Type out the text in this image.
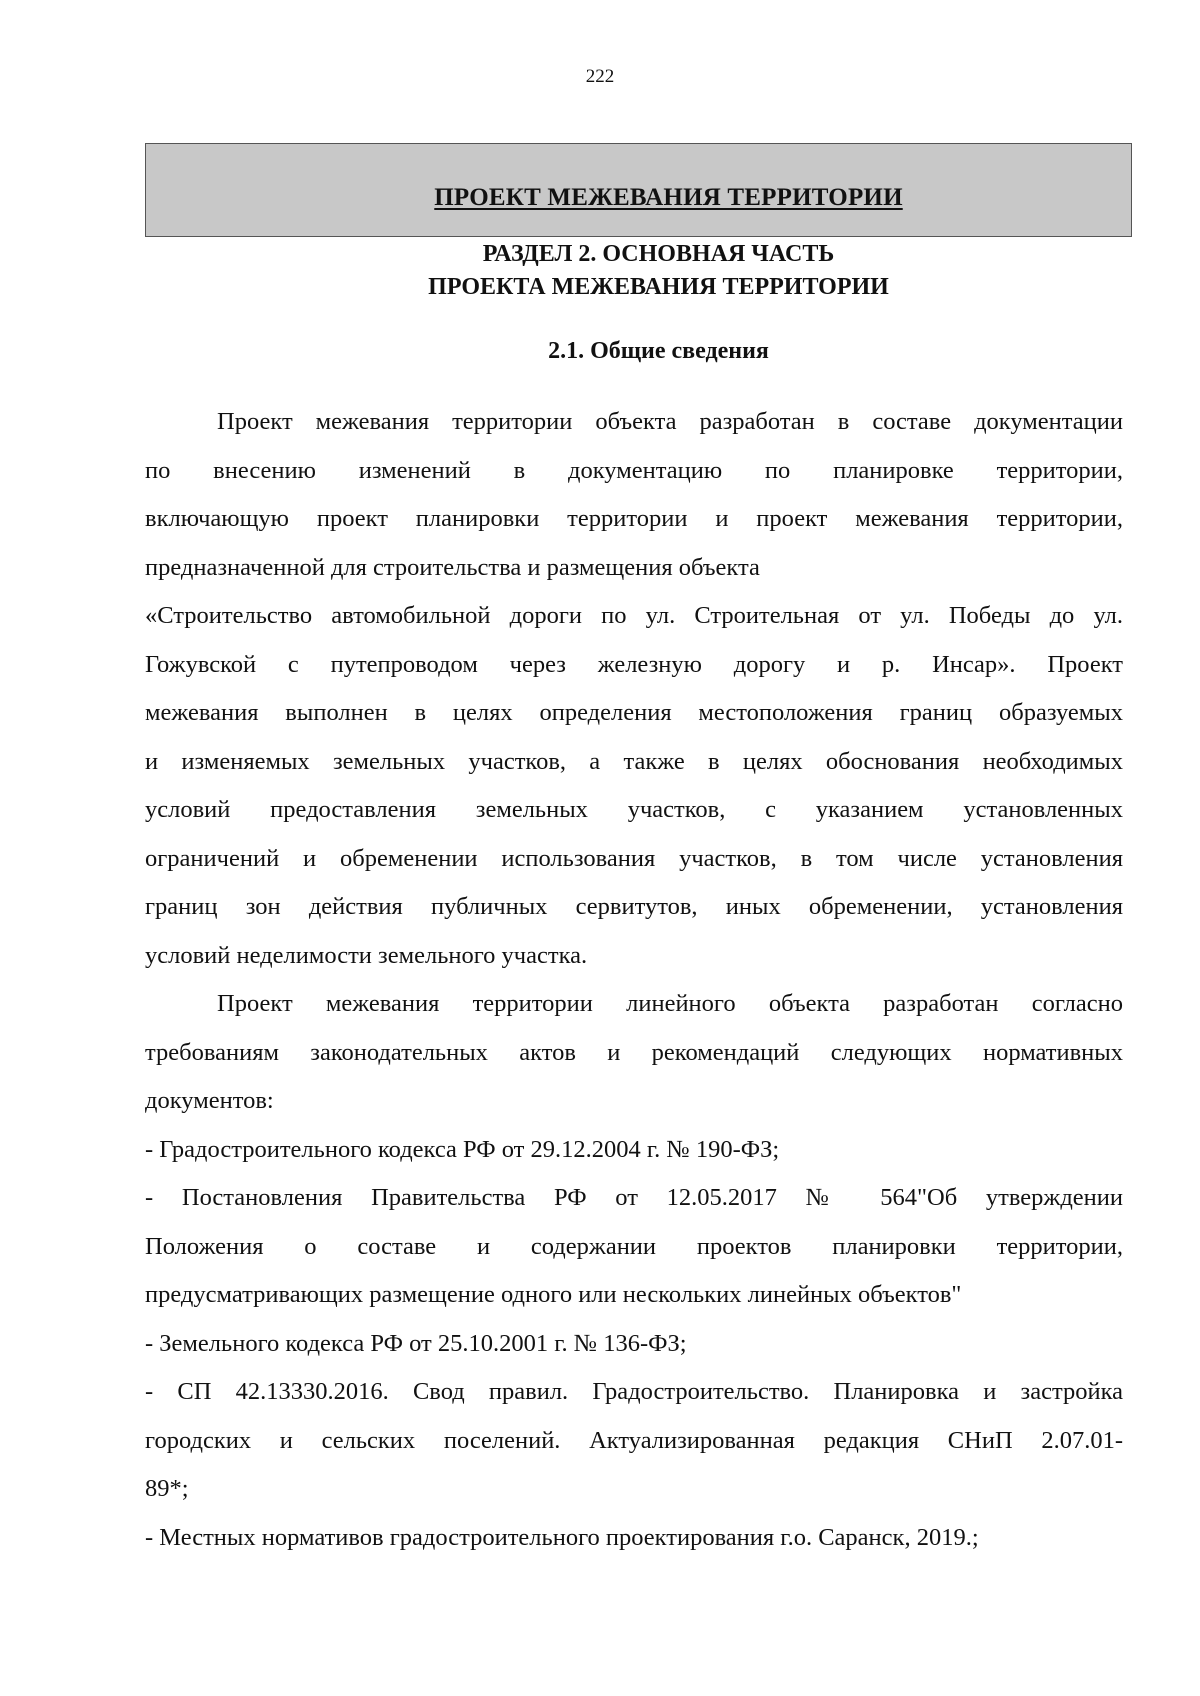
222
ПРОЕКТ МЕЖЕВАНИЯ ТЕРРИТОРИИ
РАЗДЕЛ 2. ОСНОВНАЯ ЧАСТЬ
ПРОЕКТА МЕЖЕВАНИЯ ТЕРРИТОРИИ
2.1. Общие сведения
Проект межевания территории объекта разработан в составе документации
по внесению изменений в документацию по планировке территории,
включающую проект планировки территории и проект межевания территории,
предназначенной для строительства и размещения объекта
«Строительство автомобильной дороги по ул. Строительная от ул. Победы до ул.
Гожувской с путепроводом через железную дорогу и р. Инсар». Проект
межевания выполнен в целях определения местоположения границ образуемых
и изменяемых земельных участков, а также в целях обоснования необходимых
условий предоставления земельных участков, с указанием установленных
ограничений и обременении использования участков, в том числе установления
границ зон действия публичных сервитутов, иных обременении, установления
условий неделимости земельного участка.
Проект межевания территории линейного объекта разработан согласно
требованиям законодательных актов и рекомендаций следующих нормативных
документов:
- Градостроительного кодекса РФ от 29.12.2004 г. № 190-ФЗ;
- Постановления Правительства РФ от 12.05.2017 № 564"Об утверждении
Положения о составе и содержании проектов планировки территории,
предусматривающих размещение одного или нескольких линейных объектов"
- Земельного кодекса РФ от 25.10.2001 г. № 136-ФЗ;
- СП 42.13330.2016. Свод правил. Градостроительство. Планировка и застройка
городских и сельских поселений. Актуализированная редакция СНиП 2.07.01-
89*;
- Местных нормативов градостроительного проектирования г.о. Саранск, 2019.;
